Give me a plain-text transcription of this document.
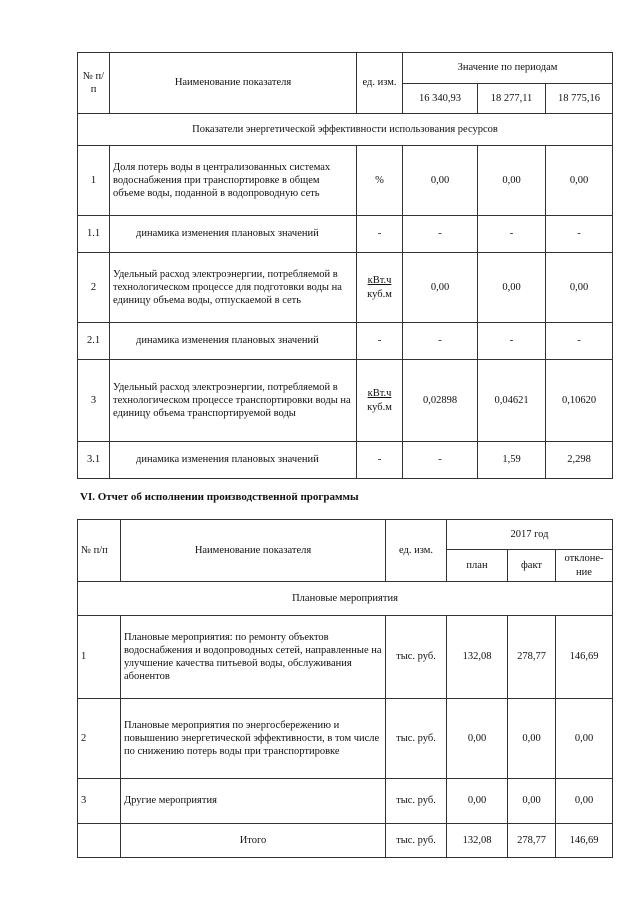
№ п/п	Наименование показателя	ед. изм.	Значение по периодам		
			16 340,93	18 277,11	18 775,16
Показатели энергетической эффективности использования ресурсов					
1	Доля потерь воды в централизованных системах водоснабжения при транспортировке в общем объеме воды, поданной в водопроводную сеть	%	0,00	0,00	0,00
1.1	динамика изменения плановых значений	-	-	-	-
2	Удельный расход электроэнергии, потребляемой в технологическом процессе для подготовки воды на единицу объема воды, отпускаемой в сеть	кВт.ч
куб.м	0,00	0,00	0,00
2.1	динамика изменения плановых значений	-	-	-	-
3	Удельный расход электроэнергии, потребляемой в технологическом процессе транспортировки воды на единицу объема транспортируемой воды	кВт.ч
куб.м	0,02898	0,04621	0,10620
3.1	динамика изменения плановых значений	-	-	1,59	2,298
VI. Отчет об исполнении производственной программы
№ п/п	Наименование показателя	ед. изм.	2017 год		
			план	факт	отклоне-ние
Плановые мероприятия					
1	Плановые мероприятия: по ремонту объектов водоснабжения и водопроводных сетей, направленные на улучшение качества питьевой воды, обслуживания абонентов	тыс. руб.	132,08	278,77	146,69
2	Плановые мероприятия по энергосбережению и повышению энергетической эффективности, в том числе по снижению потерь воды при транспортировке	тыс. руб.	0,00	0,00	0,00
3	Другие мероприятия	тыс. руб.	0,00	0,00	0,00
	Итого	тыс. руб.	132,08	278,77	146,69
